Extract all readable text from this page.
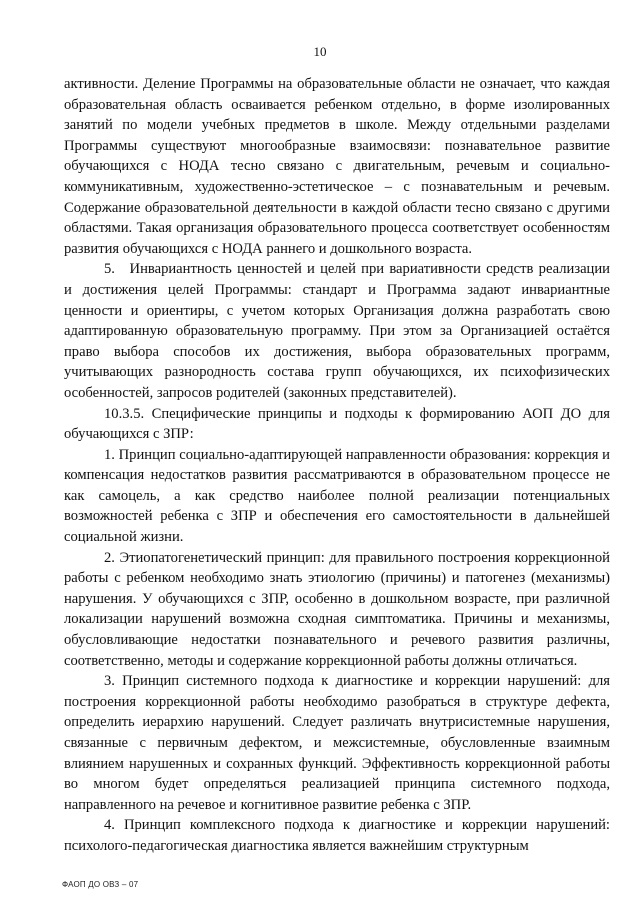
10

активности. Деление Программы на образовательные области не означает, что каждая образовательная область осваивается ребенком отдельно, в форме изолированных занятий по модели учебных предметов в школе. Между отдельными разделами Программы существуют многообразные взаимосвязи: познавательное развитие обучающихся с НОДА тесно связано с двигательным, речевым и социально-коммуникативным, художественно-эстетическое – с познавательным и речевым. Содержание образовательной деятельности в каждой области тесно связано с другими областями. Такая организация образовательного процесса соответствует особенностям развития обучающихся с НОДА раннего и дошкольного возраста.

5. Инвариантность ценностей и целей при вариативности средств реализации и достижения целей Программы: стандарт и Программа задают инвариантные ценности и ориентиры, с учетом которых Организация должна разработать свою адаптированную образовательную программу. При этом за Организацией остаётся право выбора способов их достижения, выбора образовательных программ, учитывающих разнородность состава групп обучающихся, их психофизических особенностей, запросов родителей (законных представителей).

10.3.5. Специфические принципы и подходы к формированию АОП ДО для обучающихся с ЗПР:

1. Принцип социально-адаптирующей направленности образования: коррекция и компенсация недостатков развития рассматриваются в образовательном процессе не как самоцель, а как средство наиболее полной реализации потенциальных возможностей ребенка с ЗПР и обеспечения его самостоятельности в дальнейшей социальной жизни.

2. Этиопатогенетический принцип: для правильного построения коррекционной работы с ребенком необходимо знать этиологию (причины) и патогенез (механизмы) нарушения. У обучающихся с ЗПР, особенно в дошкольном возрасте, при различной локализации нарушений возможна сходная симптоматика. Причины и механизмы, обусловливающие недостатки познавательного и речевого развития различны, соответственно, методы и содержание коррекционной работы должны отличаться.

3. Принцип системного подхода к диагностике и коррекции нарушений: для построения коррекционной работы необходимо разобраться в структуре дефекта, определить иерархию нарушений. Следует различать внутрисистемные нарушения, связанные с первичным дефектом, и межсистемные, обусловленные взаимным влиянием нарушенных и сохранных функций. Эффективность коррекционной работы во многом будет определяться реализацией принципа системного подхода, направленного на речевое и когнитивное развитие ребенка с ЗПР.

4. Принцип комплексного подхода к диагностике и коррекции нарушений: психолого-педагогическая диагностика является важнейшим структурным

ФАОП ДО ОВЗ – 07
